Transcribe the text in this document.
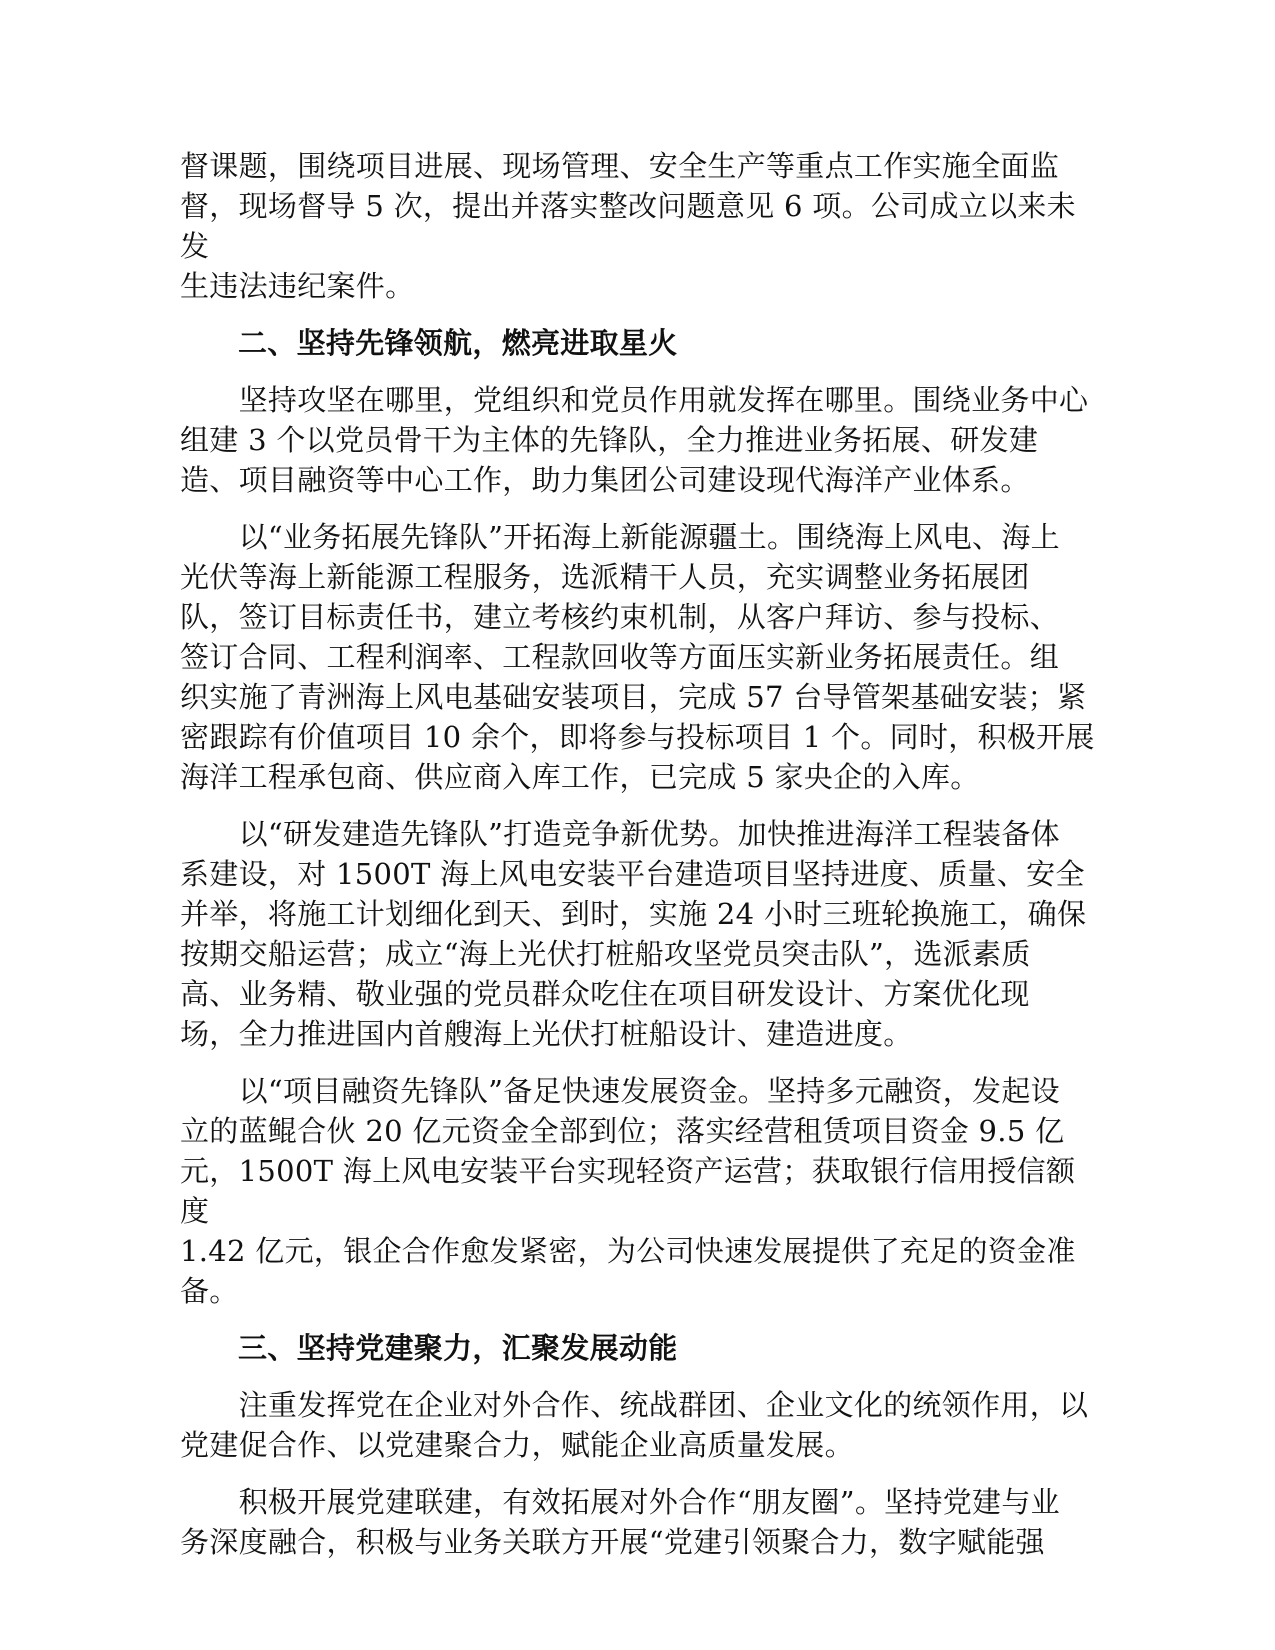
督课题，围绕项目进展、现场管理、安全生产等重点工作实施全面监
督，现场督导 5 次，提出并落实整改问题意见 6 项。公司成立以来未发
生违法违纪案件。

二、坚持先锋领航，燃亮进取星火

　　坚持攻坚在哪里，党组织和党员作用就发挥在哪里。围绕业务中心
组建 3 个以党员骨干为主体的先锋队，全力推进业务拓展、研发建
造、项目融资等中心工作，助力集团公司建设现代海洋产业体系。

　　以“业务拓展先锋队”开拓海上新能源疆土。围绕海上风电、海上
光伏等海上新能源工程服务，选派精干人员，充实调整业务拓展团
队，签订目标责任书，建立考核约束机制，从客户拜访、参与投标、
签订合同、工程利润率、工程款回收等方面压实新业务拓展责任。组
织实施了青洲海上风电基础安装项目，完成 57 台导管架基础安装；紧
密跟踪有价值项目 10 余个，即将参与投标项目 1 个。同时，积极开展
海洋工程承包商、供应商入库工作，已完成 5 家央企的入库。

　　以“研发建造先锋队”打造竞争新优势。加快推进海洋工程装备体
系建设，对 1500T 海上风电安装平台建造项目坚持进度、质量、安全
并举，将施工计划细化到天、到时，实施 24 小时三班轮换施工，确保
按期交船运营；成立“海上光伏打桩船攻坚党员突击队”，选派素质
高、业务精、敬业强的党员群众吃住在项目研发设计、方案优化现
场，全力推进国内首艘海上光伏打桩船设计、建造进度。

　　以“项目融资先锋队”备足快速发展资金。坚持多元融资，发起设
立的蓝鲲合伙 20 亿元资金全部到位；落实经营租赁项目资金 9.5 亿
元，1500T 海上风电安装平台实现轻资产运营；获取银行信用授信额度
1.42 亿元，银企合作愈发紧密，为公司快速发展提供了充足的资金准
备。

三、坚持党建聚力，汇聚发展动能

　　注重发挥党在企业对外合作、统战群团、企业文化的统领作用，以
党建促合作、以党建聚合力，赋能企业高质量发展。

　　积极开展党建联建，有效拓展对外合作“朋友圈”。坚持党建与业
务深度融合，积极与业务关联方开展“党建引领聚合力，数字赋能强
